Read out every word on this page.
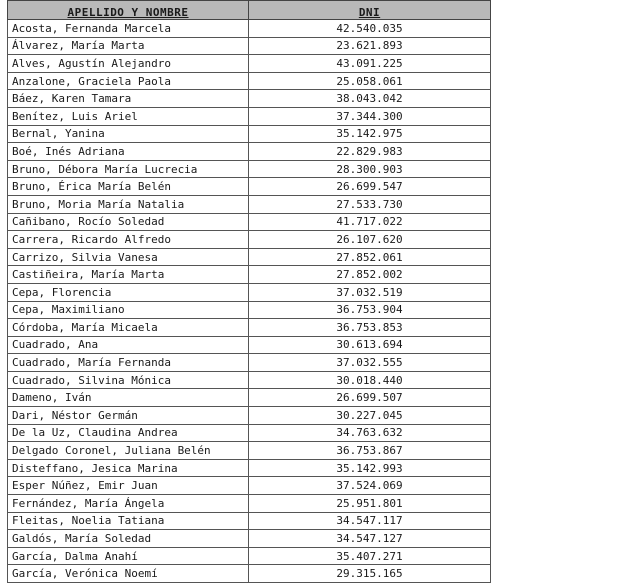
APELLIDO Y NOMBRE	DNI
Acosta, Fernanda Marcela	42.540.035
Álvarez, María Marta	23.621.893
Alves, Agustín Alejandro	43.091.225
Anzalone, Graciela Paola	25.058.061
Báez, Karen Tamara	38.043.042
Benítez, Luis Ariel	37.344.300
Bernal, Yanina	35.142.975
Boé, Inés Adriana	22.829.983
Bruno, Débora María Lucrecia	28.300.903
Bruno, Érica María Belén	26.699.547
Bruno, Moria María Natalia	27.533.730
Cañibano, Rocío Soledad	41.717.022
Carrera, Ricardo Alfredo	26.107.620
Carrizo, Silvia Vanesa	27.852.061
Castiñeira, María Marta	27.852.002
Cepa, Florencia	37.032.519
Cepa, Maximiliano	36.753.904
Córdoba, María Micaela	36.753.853
Cuadrado, Ana	30.613.694
Cuadrado, María Fernanda	37.032.555
Cuadrado, Silvina Mónica	30.018.440
Dameno, Iván	26.699.507
Dari, Néstor Germán	30.227.045
De la Uz, Claudina Andrea	34.763.632
Delgado Coronel, Juliana Belén	36.753.867
Disteffano, Jesica Marina	35.142.993
Esper Núñez, Emir Juan	37.524.069
Fernández, María Ángela	25.951.801
Fleitas, Noelia Tatiana	34.547.117
Galdós, María Soledad	34.547.127
García, Dalma Anahí	35.407.271
García, Verónica Noemí	29.315.165
